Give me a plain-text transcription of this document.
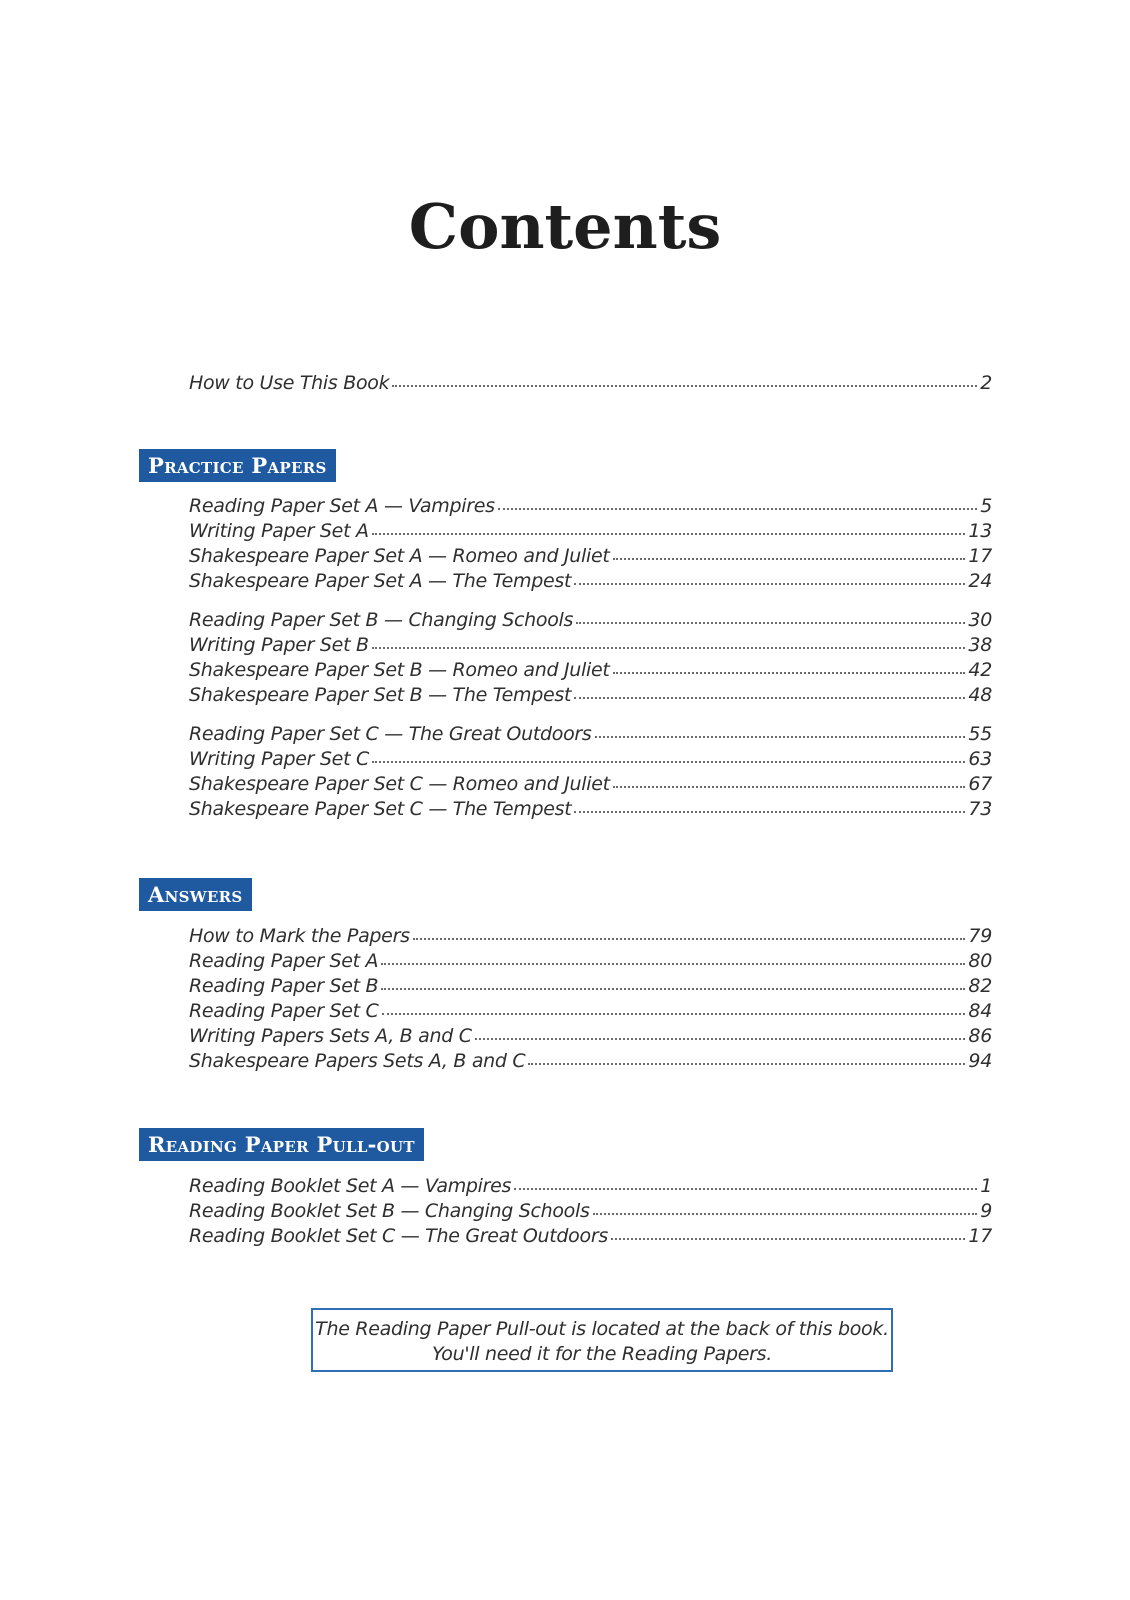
Contents
How to Use This Book	2
Practice Papers
Reading Paper Set A — Vampires	5
Writing Paper Set A	13
Shakespeare Paper Set A — Romeo and Juliet	17
Shakespeare Paper Set A — The Tempest	24
Reading Paper Set B — Changing Schools	30
Writing Paper Set B	38
Shakespeare Paper Set B — Romeo and Juliet	42
Shakespeare Paper Set B — The Tempest	48
Reading Paper Set C — The Great Outdoors	55
Writing Paper Set C	63
Shakespeare Paper Set C — Romeo and Juliet	67
Shakespeare Paper Set C — The Tempest	73
Answers
How to Mark the Papers	79
Reading Paper Set A	80
Reading Paper Set B	82
Reading Paper Set C	84
Writing Papers Sets A, B and C	86
Shakespeare Papers Sets A, B and C	94
Reading Paper Pull-out
Reading Booklet Set A — Vampires	1
Reading Booklet Set B — Changing Schools	9
Reading Booklet Set C — The Great Outdoors	17
The Reading Paper Pull-out is located at the back of this book.
You'll need it for the Reading Papers.
